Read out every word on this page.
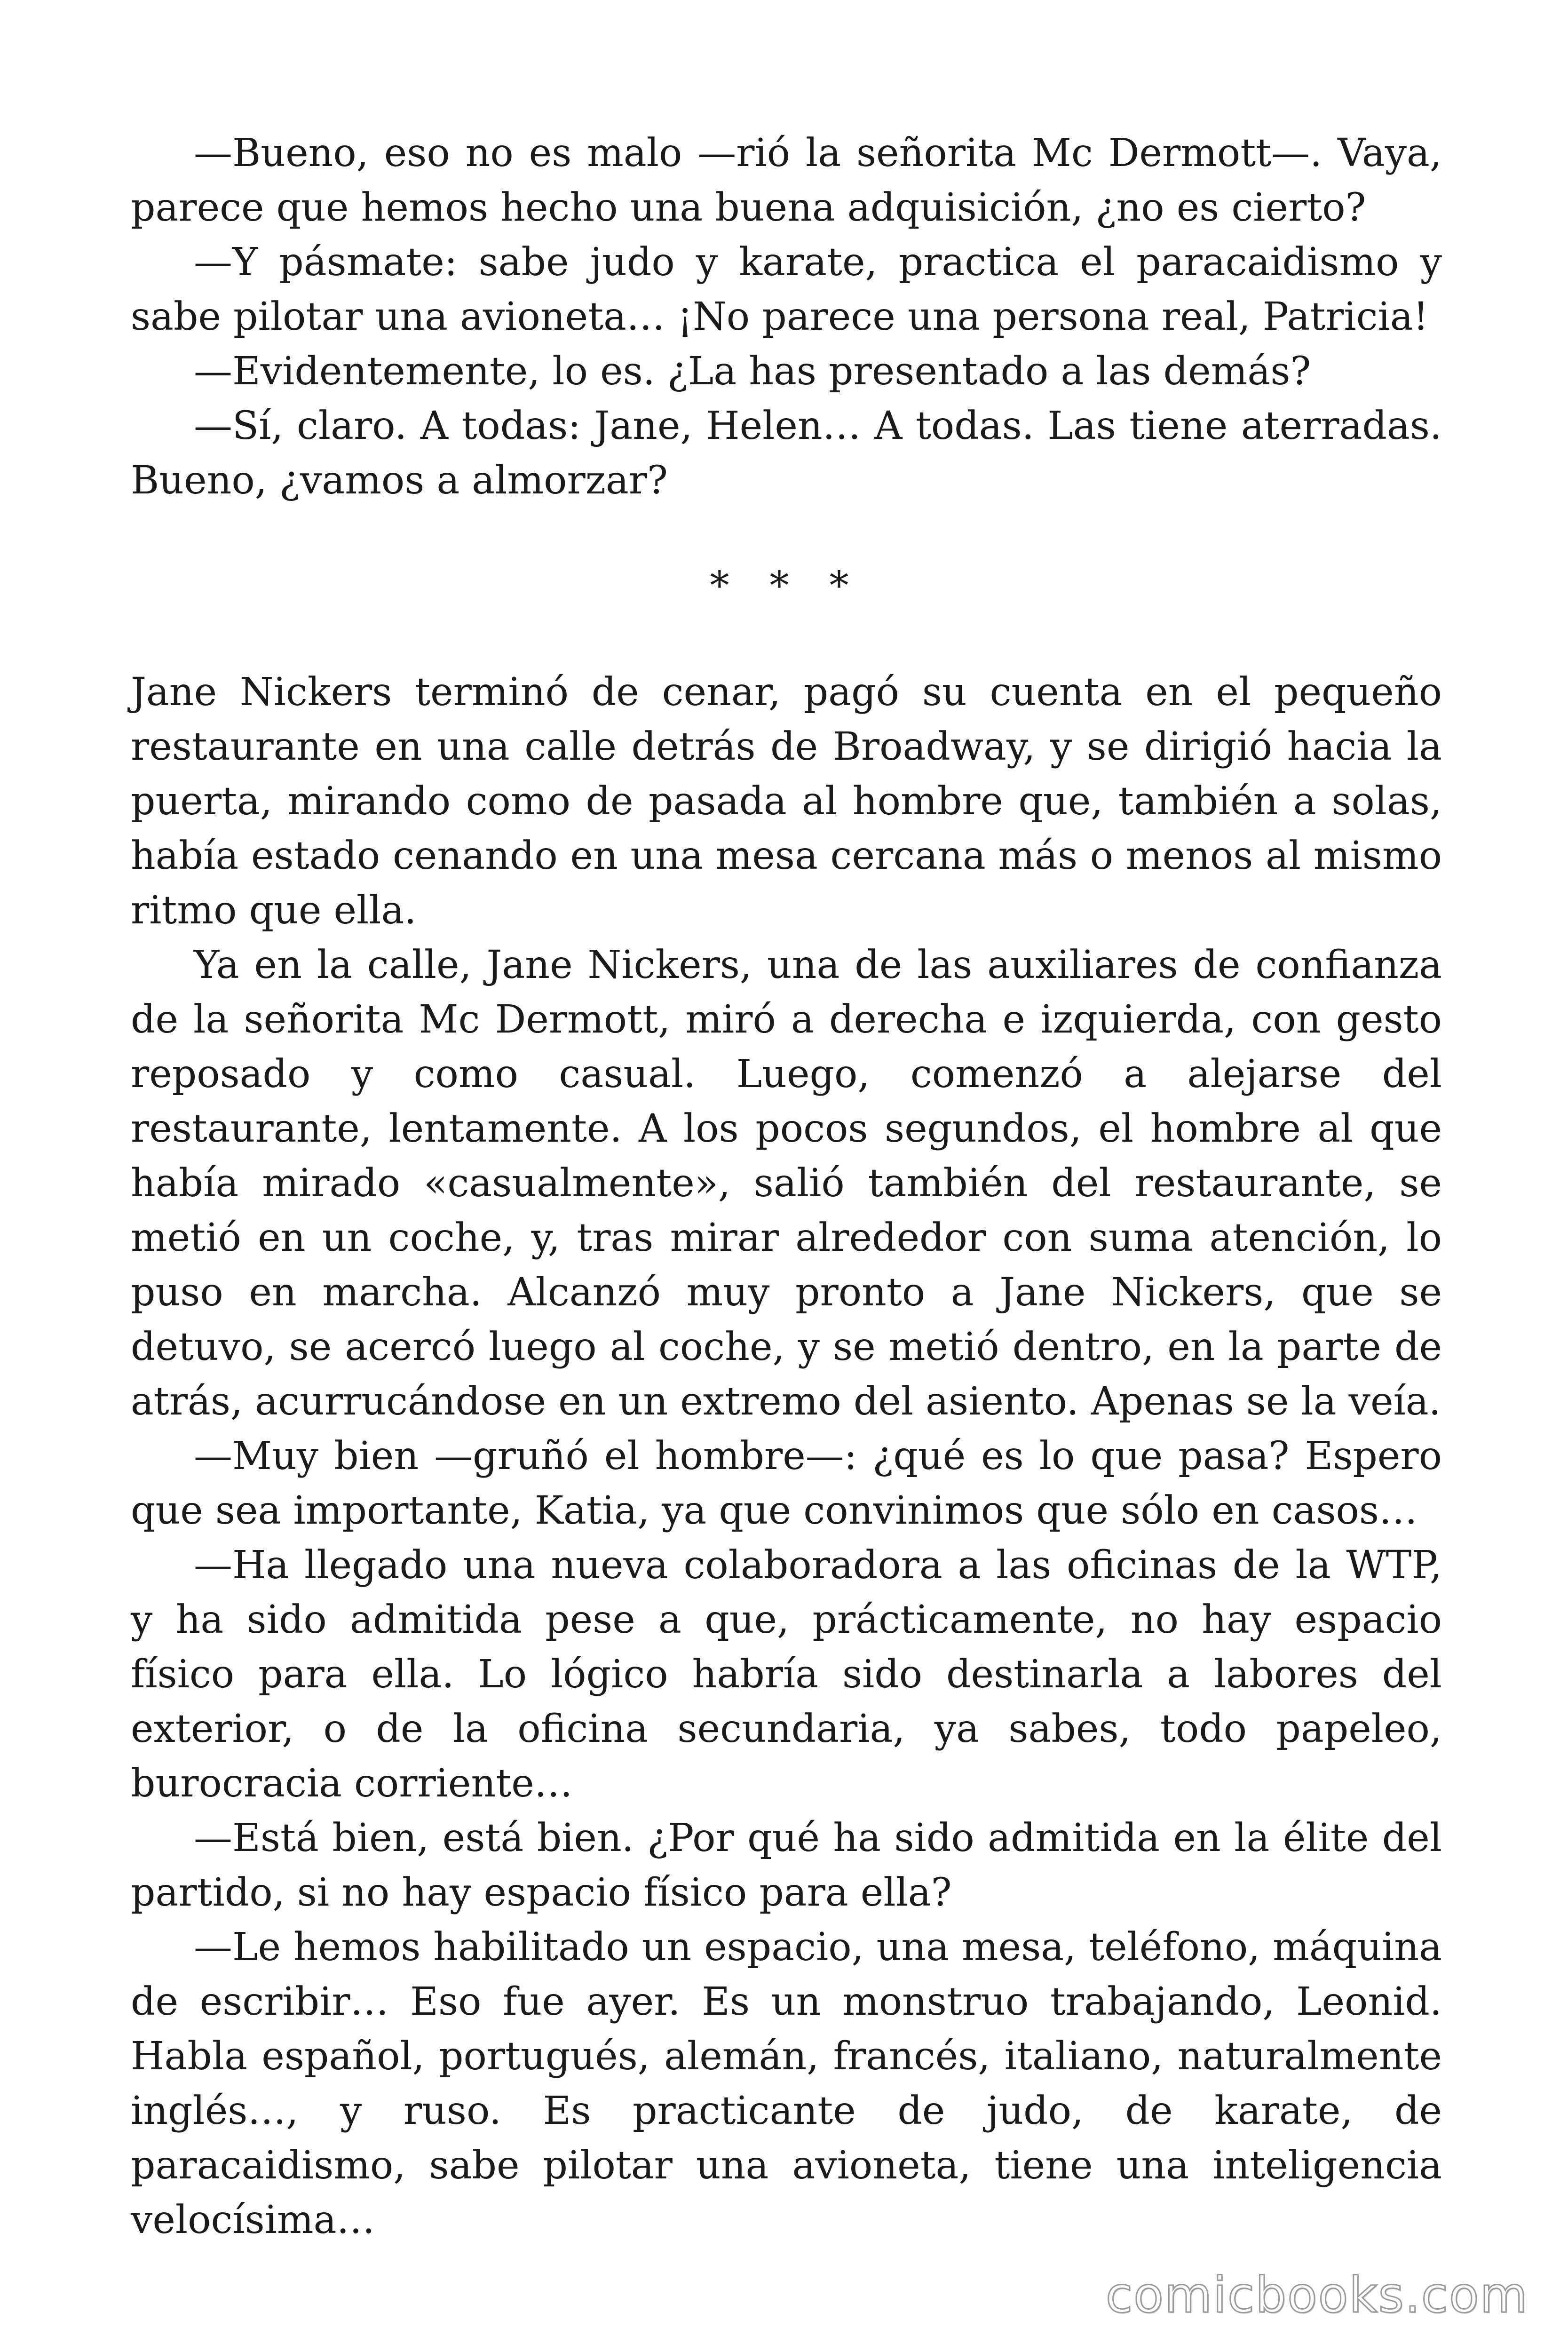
—Bueno, eso no es malo —rió la señorita Mc Dermott—. Vaya, parece que hemos hecho una buena adquisición, ¿no es cierto?

—Y pásmate: sabe judo y karate, practica el paracaidismo y sabe pilotar una avioneta… ¡No parece una persona real, Patricia!

—Evidentemente, lo es. ¿La has presentado a las demás?

—Sí, claro. A todas: Jane, Helen… A todas. Las tiene aterradas. Bueno, ¿vamos a almorzar?

* * *

Jane Nickers terminó de cenar, pagó su cuenta en el pequeño restaurante en una calle detrás de Broadway, y se dirigió hacia la puerta, mirando como de pasada al hombre que, también a solas, había estado cenando en una mesa cercana más o menos al mismo ritmo que ella.

Ya en la calle, Jane Nickers, una de las auxiliares de confianza de la señorita Mc Dermott, miró a derecha e izquierda, con gesto reposado y como casual. Luego, comenzó a alejarse del restaurante, lentamente. A los pocos segundos, el hombre al que había mirado «casualmente», salió también del restaurante, se metió en un coche, y, tras mirar alrededor con suma atención, lo puso en marcha. Alcanzó muy pronto a Jane Nickers, que se detuvo, se acercó luego al coche, y se metió dentro, en la parte de atrás, acurrucándose en un extremo del asiento. Apenas se la veía.

—Muy bien —gruñó el hombre—: ¿qué es lo que pasa? Espero que sea importante, Katia, ya que convinimos que sólo en casos…

—Ha llegado una nueva colaboradora a las oficinas de la WTP, y ha sido admitida pese a que, prácticamente, no hay espacio físico para ella. Lo lógico habría sido destinarla a labores del exterior, o de la oficina secundaria, ya sabes, todo papeleo, burocracia corriente…

—Está bien, está bien. ¿Por qué ha sido admitida en la élite del partido, si no hay espacio físico para ella?

—Le hemos habilitado un espacio, una mesa, teléfono, máquina de escribir… Eso fue ayer. Es un monstruo trabajando, Leonid. Habla español, portugués, alemán, francés, italiano, naturalmente inglés…, y ruso. Es practicante de judo, de karate, de paracaidismo, sabe pilotar una avioneta, tiene una inteligencia velocísima…

comicbooks.com
